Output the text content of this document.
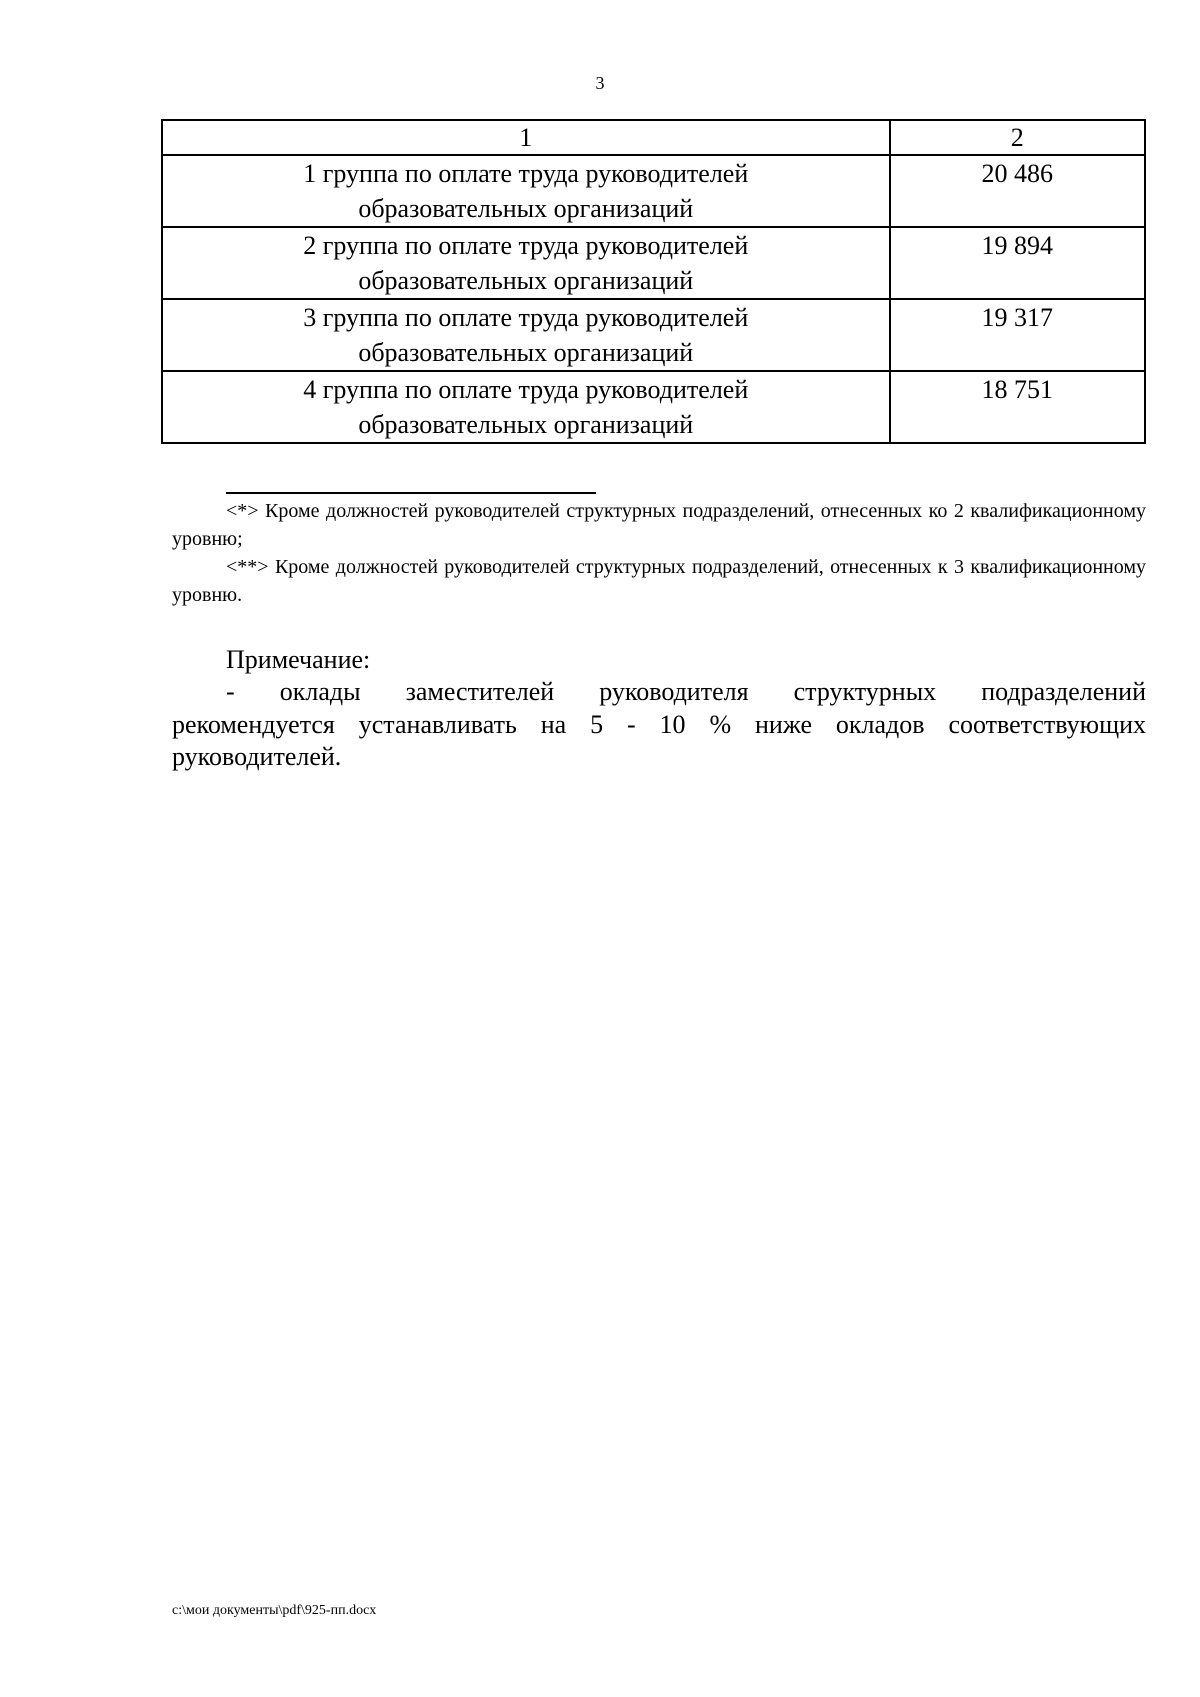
3
1	2

1 группа по оплате труда руководителей
образовательных организаций	20 486

2 группа по оплате труда руководителей
образовательных организаций	19 894

3 группа по оплате труда руководителей
образовательных организаций	19 317

4 группа по оплате труда руководителей
образовательных организаций	18 751
<*> Кроме должностей руководителей структурных подразделений, отнесенных ко 2 квалификационному уровню;
<**> Кроме должностей руководителей структурных подразделений, отнесенных к 3 квалификационному уровню.
Примечание:
- оклады заместителей руководителя структурных подразделений рекомендуется устанавливать на 5 - 10 % ниже окладов соответствующих руководителей.
c:\мои документы\pdf\925-пп.docx
